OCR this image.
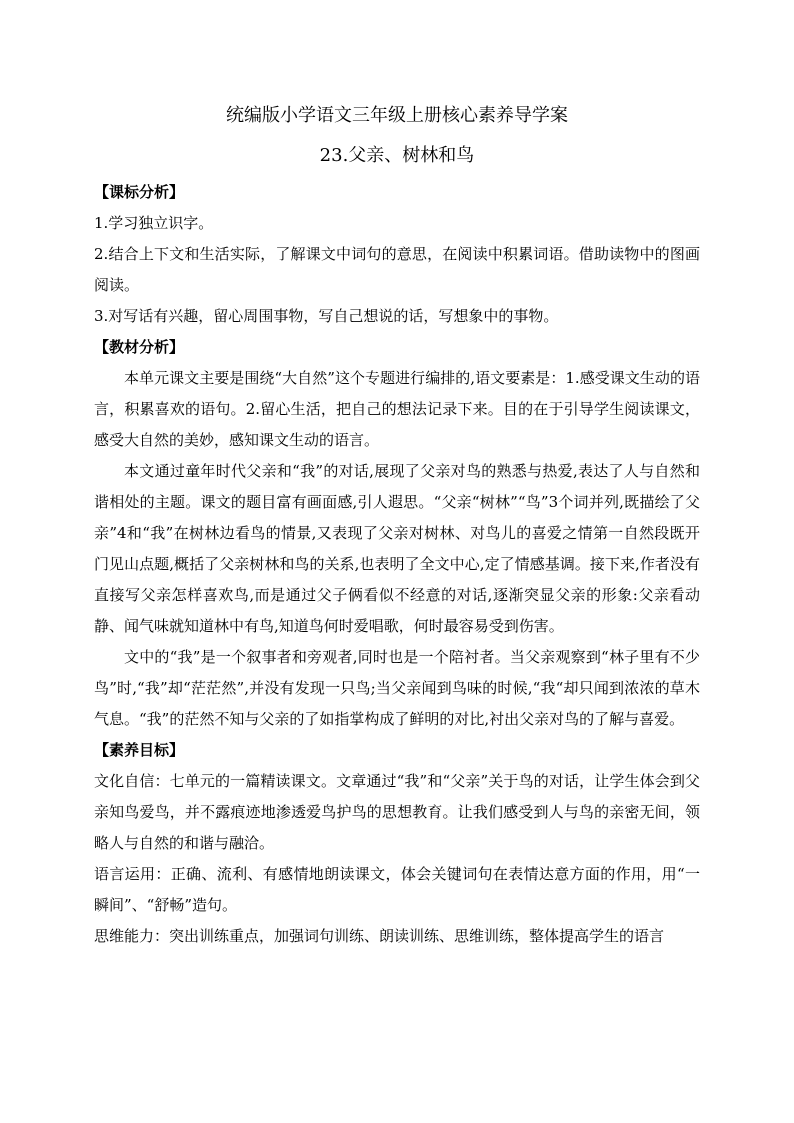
统编版小学语文三年级上册核心素养导学案
23.父亲、树林和鸟

【课标分析】

1.学习独立识字。

2.结合上下文和生活实际，了解课文中词句的意思，在阅读中积累词语。借助读物中的图画阅读。

3.对写话有兴趣，留心周围事物，写自己想说的话，写想象中的事物。

【教材分析】

本单元课文主要是围绕“大自然”这个专题进行编排的,语文要素是：1.感受课文生动的语言，积累喜欢的语句。2.留心生活，把自己的想法记录下来。目的在于引导学生阅读课文，感受大自然的美妙，感知课文生动的语言。

本文通过童年时代父亲和“我”的对话,展现了父亲对鸟的熟悉与热爱,表达了人与自然和谐相处的主题。课文的题目富有画面感,引人遐思。“父亲“树林”“鸟”3个词并列,既描绘了父亲”4和“我”在树林边看鸟的情景,又表现了父亲对树林、对鸟儿的喜爱之情第一自然段既开门见山点题,概括了父亲树林和鸟的关系,也表明了全文中心,定了情感基调。接下来,作者没有直接写父亲怎样喜欢鸟,而是通过父子俩看似不经意的对话,逐渐突显父亲的形象:父亲看动静、闻气味就知道林中有鸟,知道鸟何时爱唱歌，何时最容易受到伤害。

文中的“我”是一个叙事者和旁观者,同时也是一个陪衬者。当父亲观察到“林子里有不少鸟”时,“我”却“茫茫然”,并没有发现一只鸟;当父亲闻到鸟味的时候,“我“却只闻到浓浓的草木气息。“我”的茫然不知与父亲的了如指掌构成了鲜明的对比,衬出父亲对鸟的了解与喜爱。

【素养目标】

文化自信：七单元的一篇精读课文。文章通过“我”和“父亲”关于鸟的对话，让学生体会到父亲知鸟爱鸟，并不露痕迹地渗透爱鸟护鸟的思想教育。让我们感受到人与鸟的亲密无间，领略人与自然的和谐与融洽。

语言运用：正确、流利、有感情地朗读课文，体会关键词句在表情达意方面的作用，用“一瞬间”、“舒畅”造句。

思维能力：突出训练重点，加强词句训练、朗读训练、思维训练，整体提高学生的语言
